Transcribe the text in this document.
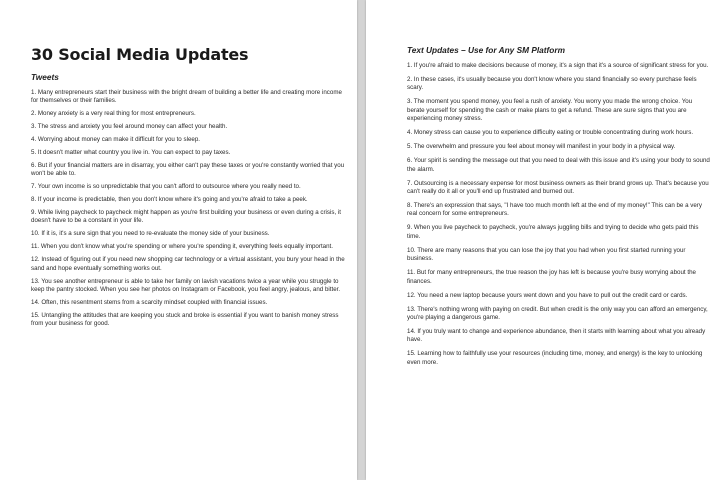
30 Social Media Updates
Tweets

1. Many entrepreneurs start their business with the bright dream of building a better life and creating more income for themselves or their families.

2. Money anxiety is a very real thing for most entrepreneurs.

3. The stress and anxiety you feel around money can affect your health.

4. Worrying about money can make it difficult for you to sleep.

5. It doesn't matter what country you live in. You can expect to pay taxes.

6. But if your financial matters are in disarray, you either can't pay these taxes or you're constantly worried that you won't be able to.

7. Your own income is so unpredictable that you can't afford to outsource where you really need to.

8. If your income is predictable, then you don't know where it's going and you're afraid to take a peek.

9. While living paycheck to paycheck might happen as you're first building your business or even during a crisis, it doesn't have to be a constant in your life.

10. If it is, it's a sure sign that you need to re-evaluate the money side of your business.

11. When you don't know what you're spending or where you're spending it, everything feels equally important.

12. Instead of figuring out if you need new shopping car technology or a virtual assistant, you bury your head in the sand and hope eventually something works out.

13. You see another entrepreneur is able to take her family on lavish vacations twice a year while you struggle to keep the pantry stocked. When you see her photos on Instagram or Facebook, you feel angry, jealous, and bitter.

14. Often, this resentment stems from a scarcity mindset coupled with financial issues.

15. Untangling the attitudes that are keeping you stuck and broke is essential if you want to banish money stress from your business for good.

Text Updates – Use for Any SM Platform

1. If you're afraid to make decisions because of money, it's a sign that it's a source of significant stress for you.

2. In these cases, it's usually because you don't know where you stand financially so every purchase feels scary.

3. The moment you spend money, you feel a rush of anxiety. You worry you made the wrong choice. You berate yourself for spending the cash or make plans to get a refund. These are sure signs that you are experiencing money stress.

4. Money stress can cause you to experience difficulty eating or trouble concentrating during work hours.

5. The overwhelm and pressure you feel about money will manifest in your body in a physical way.

6. Your spirit is sending the message out that you need to deal with this issue and it's using your body to sound the alarm.

7. Outsourcing is a necessary expense for most business owners as their brand grows up. That's because you can't really do it all or you'll end up frustrated and burned out.

8. There's an expression that says, "I have too much month left at the end of my money!" This can be a very real concern for some entrepreneurs.

9. When you live paycheck to paycheck, you're always juggling bills and trying to decide who gets paid this time.

10. There are many reasons that you can lose the joy that you had when you first started running your business.

11. But for many entrepreneurs, the true reason the joy has left is because you're busy worrying about the finances.

12. You need a new laptop because yours went down and you have to pull out the credit card or cards.

13. There's nothing wrong with paying on credit. But when credit is the only way you can afford an emergency, you're playing a dangerous game.

14. If you truly want to change and experience abundance, then it starts with learning about what you already have.

15. Learning how to faithfully use your resources (including time, money, and energy) is the key to unlocking even more.
